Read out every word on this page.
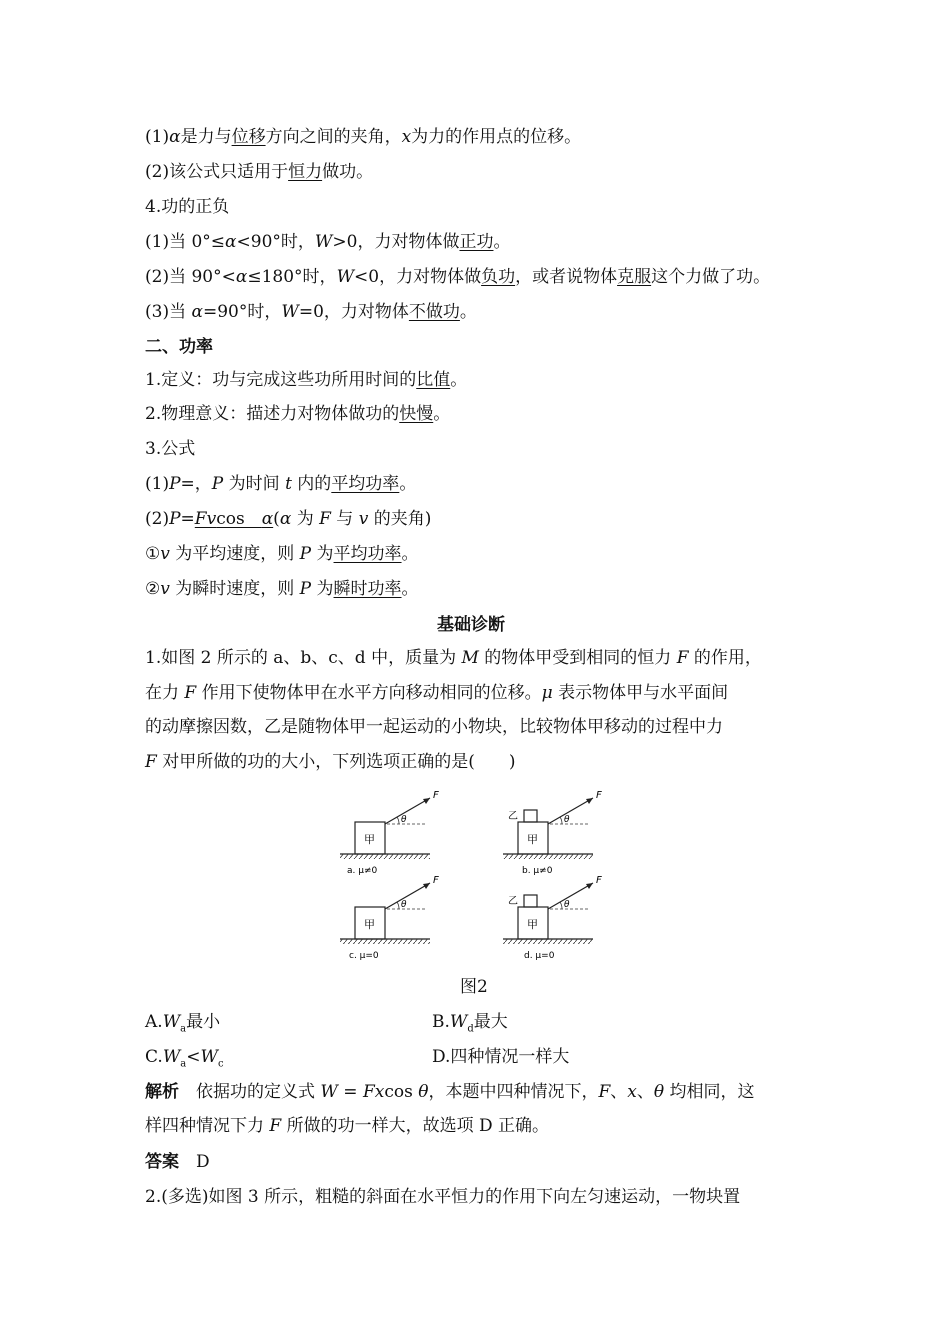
(1)α是力与位移方向之间的夹角，x为力的作用点的位移。
(2)该公式只适用于恒力做功。
4.功的正负
(1)当 0°≤α<90°时，W>0，力对物体做正功。
(2)当 90°<α≤180°时，W<0，力对物体做负功，或者说物体克服这个力做了功。
(3)当 α=90°时，W=0，力对物体不做功。
二、功率
1.定义：功与完成这些功所用时间的比值。
2.物理意义：描述力对物体做功的快慢。
3.公式
(1)P=，P 为时间 t 内的平均功率。
(2)P=Fvcos　α(α 为 F 与 v 的夹角)
①v 为平均速度，则 P 为平均功率。
②v 为瞬时速度，则 P 为瞬时功率。
基础诊断
1.如图 2 所示的 a、b、c、d 中，质量为 M 的物体甲受到相同的恒力 F 的作用，
在力 F 作用下使物体甲在水平方向移动相同的位移。μ 表示物体甲与水平面间
的动摩擦因数，乙是随物体甲一起运动的小物块，比较物体甲移动的过程中力
F 对甲所做的功的大小，下列选项正确的是(　　)
甲
F
θ
a. μ≠0
乙
甲
F
θ
b. μ≠0
甲
F
θ
c. μ=0
乙
甲
F
θ
d. μ=0
图2
$A.W_a$最小	$B.W_d$最大
$C.W_a<W_c$	D.四种情况一样大
解析　 依据功的定义式 W = Fxcos θ，本题中四种情况下，F、x、θ 均相同，这
样四种情况下力 F 所做的功一样大，故选项 D 正确。
答案　 D
2.(多选)如图 3 所示，粗糙的斜面在水平恒力的作用下向左匀速运动，一物块置
